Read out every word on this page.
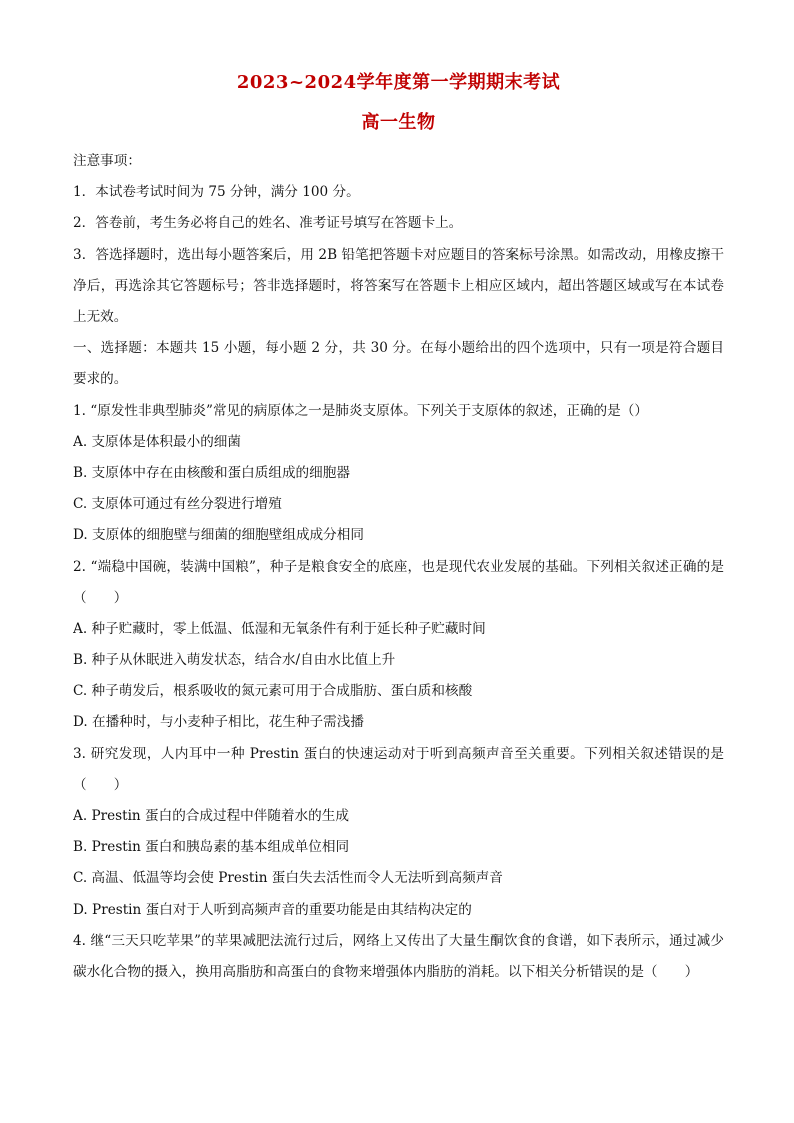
2023~2024学年度第一学期期末考试
高一生物
注意事项：
1．本试卷考试时间为 75 分钟，满分 100 分。
2．答卷前，考生务必将自己的姓名、准考证号填写在答题卡上。
3．答选择题时，选出每小题答案后，用 2B 铅笔把答题卡对应题目的答案标号涂黑。如需改动，用橡皮擦干净后，再选涂其它答题标号；答非选择题时，将答案写在答题卡上相应区域内，超出答题区域或写在本试卷上无效。
一、选择题：本题共 15 小题，每小题 2 分，共 30 分。在每小题给出的四个选项中，只有一项是符合题目要求的。
1. “原发性非典型肺炎”常见的病原体之一是肺炎支原体。下列关于支原体的叙述，正确的是（）
A. 支原体是体积最小的细菌
B. 支原体中存在由核酸和蛋白质组成的细胞器
C. 支原体可通过有丝分裂进行增殖
D. 支原体的细胞壁与细菌的细胞壁组成成分相同
2. “端稳中国碗，装满中国粮”，种子是粮食安全的底座，也是现代农业发展的基础。下列相关叙述正确的是（　　）
A. 种子贮藏时，零上低温、低湿和无氧条件有利于延长种子贮藏时间
B. 种子从休眠进入萌发状态，结合水/自由水比值上升
C. 种子萌发后，根系吸收的氮元素可用于合成脂肪、蛋白质和核酸
D. 在播种时，与小麦种子相比，花生种子需浅播
3. 研究发现，人内耳中一种 Prestin 蛋白的快速运动对于听到高频声音至关重要。下列相关叙述错误的是（　　）
A. Prestin 蛋白的合成过程中伴随着水的生成
B. Prestin 蛋白和胰岛素的基本组成单位相同
C. 高温、低温等均会使 Prestin 蛋白失去活性而令人无法听到高频声音
D. Prestin 蛋白对于人听到高频声音的重要功能是由其结构决定的
4. 继“三天只吃苹果”的苹果减肥法流行过后，网络上又传出了大量生酮饮食的食谱，如下表所示，通过减少碳水化合物的摄入，换用高脂肪和高蛋白的食物来增强体内脂肪的消耗。以下相关分析错误的是（　　）
